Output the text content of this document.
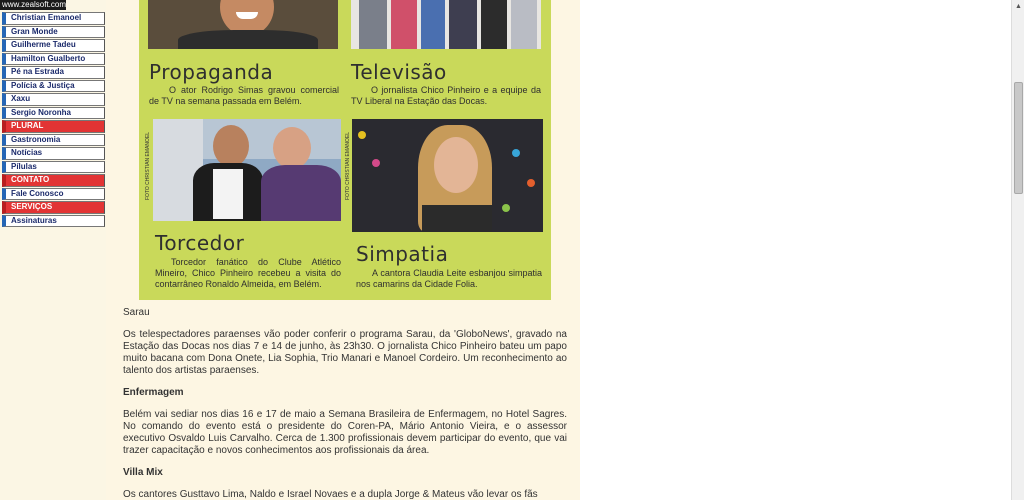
www.zealsoft.com
Christian Emanoel
Gran Monde
Guilherme Tadeu
Hamilton Gualberto
Pé na Estrada
Polícia & Justiça
Xaxu
Sergio Noronha
PLURAL
Gastronomia
Notícias
Pílulas
CONTATO
Fale Conosco
SERVIÇOS
Assinaturas
Propaganda
O ator Rodrigo Simas gravou comercial de TV na semana passada em Belém.
Televisão
O jornalista Chico Pinheiro e a equipe da TV Liberal na Estação das Docas.
FOTO CHRISTIAN EMANOEL	FOTO CHRISTIAN EMANOEL
Torcedor
Torcedor fanático do Clube Atlético Mineiro, Chico Pinheiro recebeu a visita do contarrâneo Ronaldo Almeida, em Belém.
Simpatia
A cantora Claudia Leite esbanjou simpatia nos camarins da Cidade Folia.

Sarau

Os telespectadores paraenses vão poder conferir o programa Sarau, da 'GloboNews', gravado na Estação das Docas nos dias 7 e 14 de junho, às 23h30. O jornalista Chico Pinheiro bateu um papo muito bacana com Dona Onete, Lia Sophia, Trio Manari e Manoel Cordeiro. Um reconhecimento ao talento dos artistas paraenses.

Enfermagem

Belém vai sediar nos dias 16 e 17 de maio a Semana Brasileira de Enfermagem, no Hotel Sagres. No comando do evento está o presidente do Coren-PA, Mário Antonio Vieira, e o assessor executivo Osvaldo Luis Carvalho. Cerca de 1.300 profissionais devem participar do evento, que vai trazer capacitação e novos conhecimentos aos profissionais da área.

Villa Mix

Os cantores Gusttavo Lima, Naldo e Israel Novaes e a dupla Jorge & Mateus vão levar os fãs

▲
